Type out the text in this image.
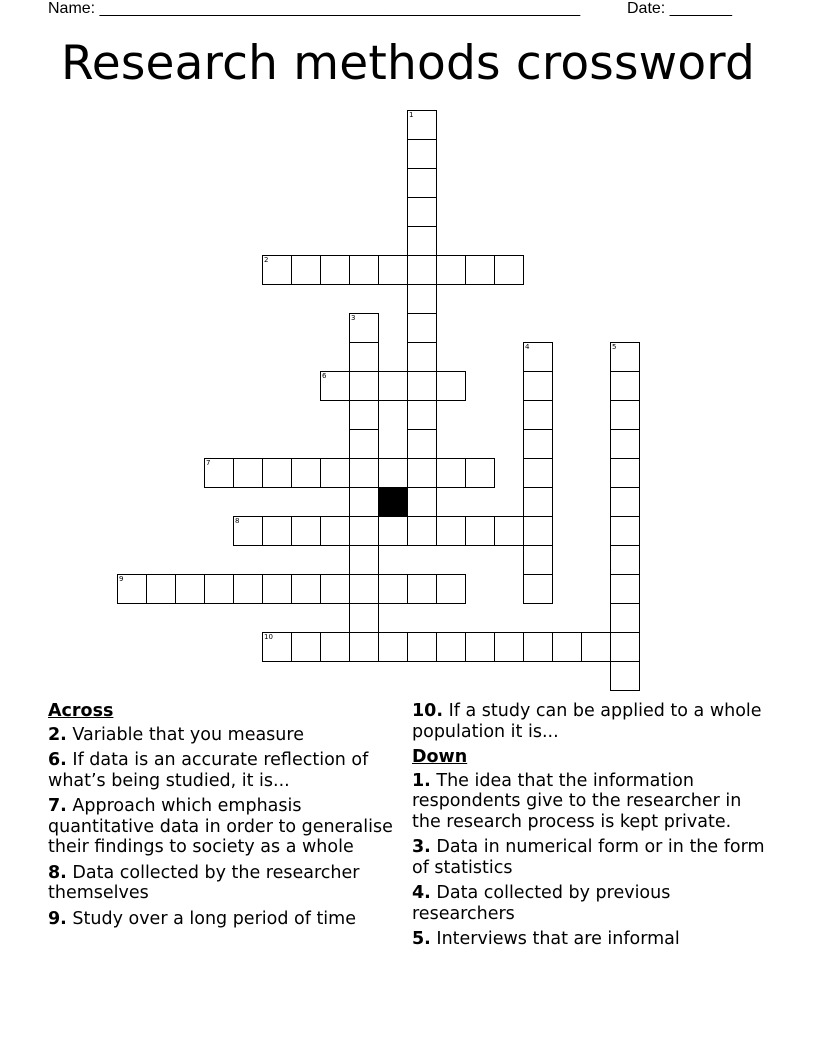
Name: ______________________________________________________	Date: _______
Research methods crossword
1
2
3
4	5
6
7
8
9
10
Across
2. Variable that you measure
6. If data is an accurate reflection of what’s being studied, it is...
7. Approach which emphasis quantitative data in order to generalise their findings to society as a whole
8. Data collected by the researcher themselves
9. Study over a long period of time
10. If a study can be applied to a whole population it is...
Down
1. The idea that the information respondents give to the researcher in the research process is kept private.
3. Data in numerical form or in the form of statistics
4. Data collected by previous researchers
5. Interviews that are informal
